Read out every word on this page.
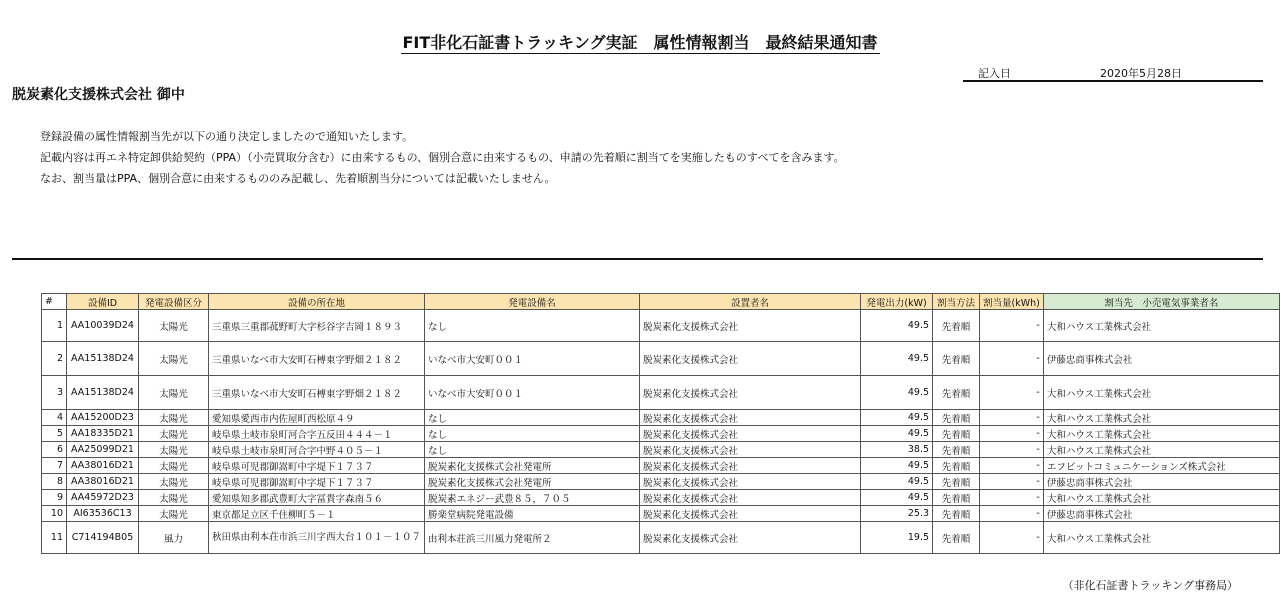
FIT非化石証書トラッキング実証　属性情報割当　最終結果通知書
記入日	2020年5月28日
脱炭素化支援株式会社 御中
登録設備の属性情報割当先が以下の通り決定しましたので通知いたします。
記載内容は再エネ特定卸供給契約（PPA）（小売買取分含む）に由来するもの、個別合意に由来するもの、申請の先着順に割当てを実施したものすべてを含みます。
なお、割当量はPPA、個別合意に由来するもののみ記載し、先着順割当分については記載いたしません。
#	設備ID	発電設備区分	設備の所在地	発電設備名	設置者名	発電出力(kW)	割当方法	割当量(kWh)	割当先　小売電気事業者名
1	AA10039D24	太陽光	三重県三重郡菰野町大字杉谷字吉岡１８９３	なし	脱炭素化支援株式会社	49.5	先着順	-	大和ハウス工業株式会社
2	AA15138D24	太陽光	三重県いなべ市大安町石榑東字野畑２１８２	いなべ市大安町００１	脱炭素化支援株式会社	49.5	先着順	-	伊藤忠商事株式会社
3	AA15138D24	太陽光	三重県いなべ市大安町石榑東字野畑２１８２	いなべ市大安町００１	脱炭素化支援株式会社	49.5	先着順	-	大和ハウス工業株式会社
4	AA15200D23	太陽光	愛知県愛西市内佐屋町西松原４９	なし	脱炭素化支援株式会社	49.5	先着順	-	大和ハウス工業株式会社
5	AA18335D21	太陽光	岐阜県土岐市泉町河合字五反田４４４－１	なし	脱炭素化支援株式会社	49.5	先着順	-	大和ハウス工業株式会社
6	AA25099D21	太陽光	岐阜県土岐市泉町河合字中野４０５－１	なし	脱炭素化支援株式会社	38.5	先着順	-	大和ハウス工業株式会社
7	AA38016D21	太陽光	岐阜県可児郡御嵩町中字堤下１７３７	脱炭素化支援株式会社発電所	脱炭素化支援株式会社	49.5	先着順	-	エフビットコミュニケーションズ株式会社
8	AA38016D21	太陽光	岐阜県可児郡御嵩町中字堤下１７３７	脱炭素化支援株式会社発電所	脱炭素化支援株式会社	49.5	先着順	-	伊藤忠商事株式会社
9	AA45972D23	太陽光	愛知県知多郡武豊町大字冨貴字森南５６	脱炭素エネジー武豊８５，７０５	脱炭素化支援株式会社	49.5	先着順	-	大和ハウス工業株式会社
10	AI63536C13	太陽光	東京都足立区千住柳町５－１	勝楽堂病院発電設備	脱炭素化支援株式会社	25.3	先着順	-	伊藤忠商事株式会社
11	C714194B05	風力	秋田県由利本荘市浜三川字西大台１０１－１０７	由利本荘浜三川風力発電所２	脱炭素化支援株式会社	19.5	先着順	-	大和ハウス工業株式会社
（非化石証書トラッキング事務局）
